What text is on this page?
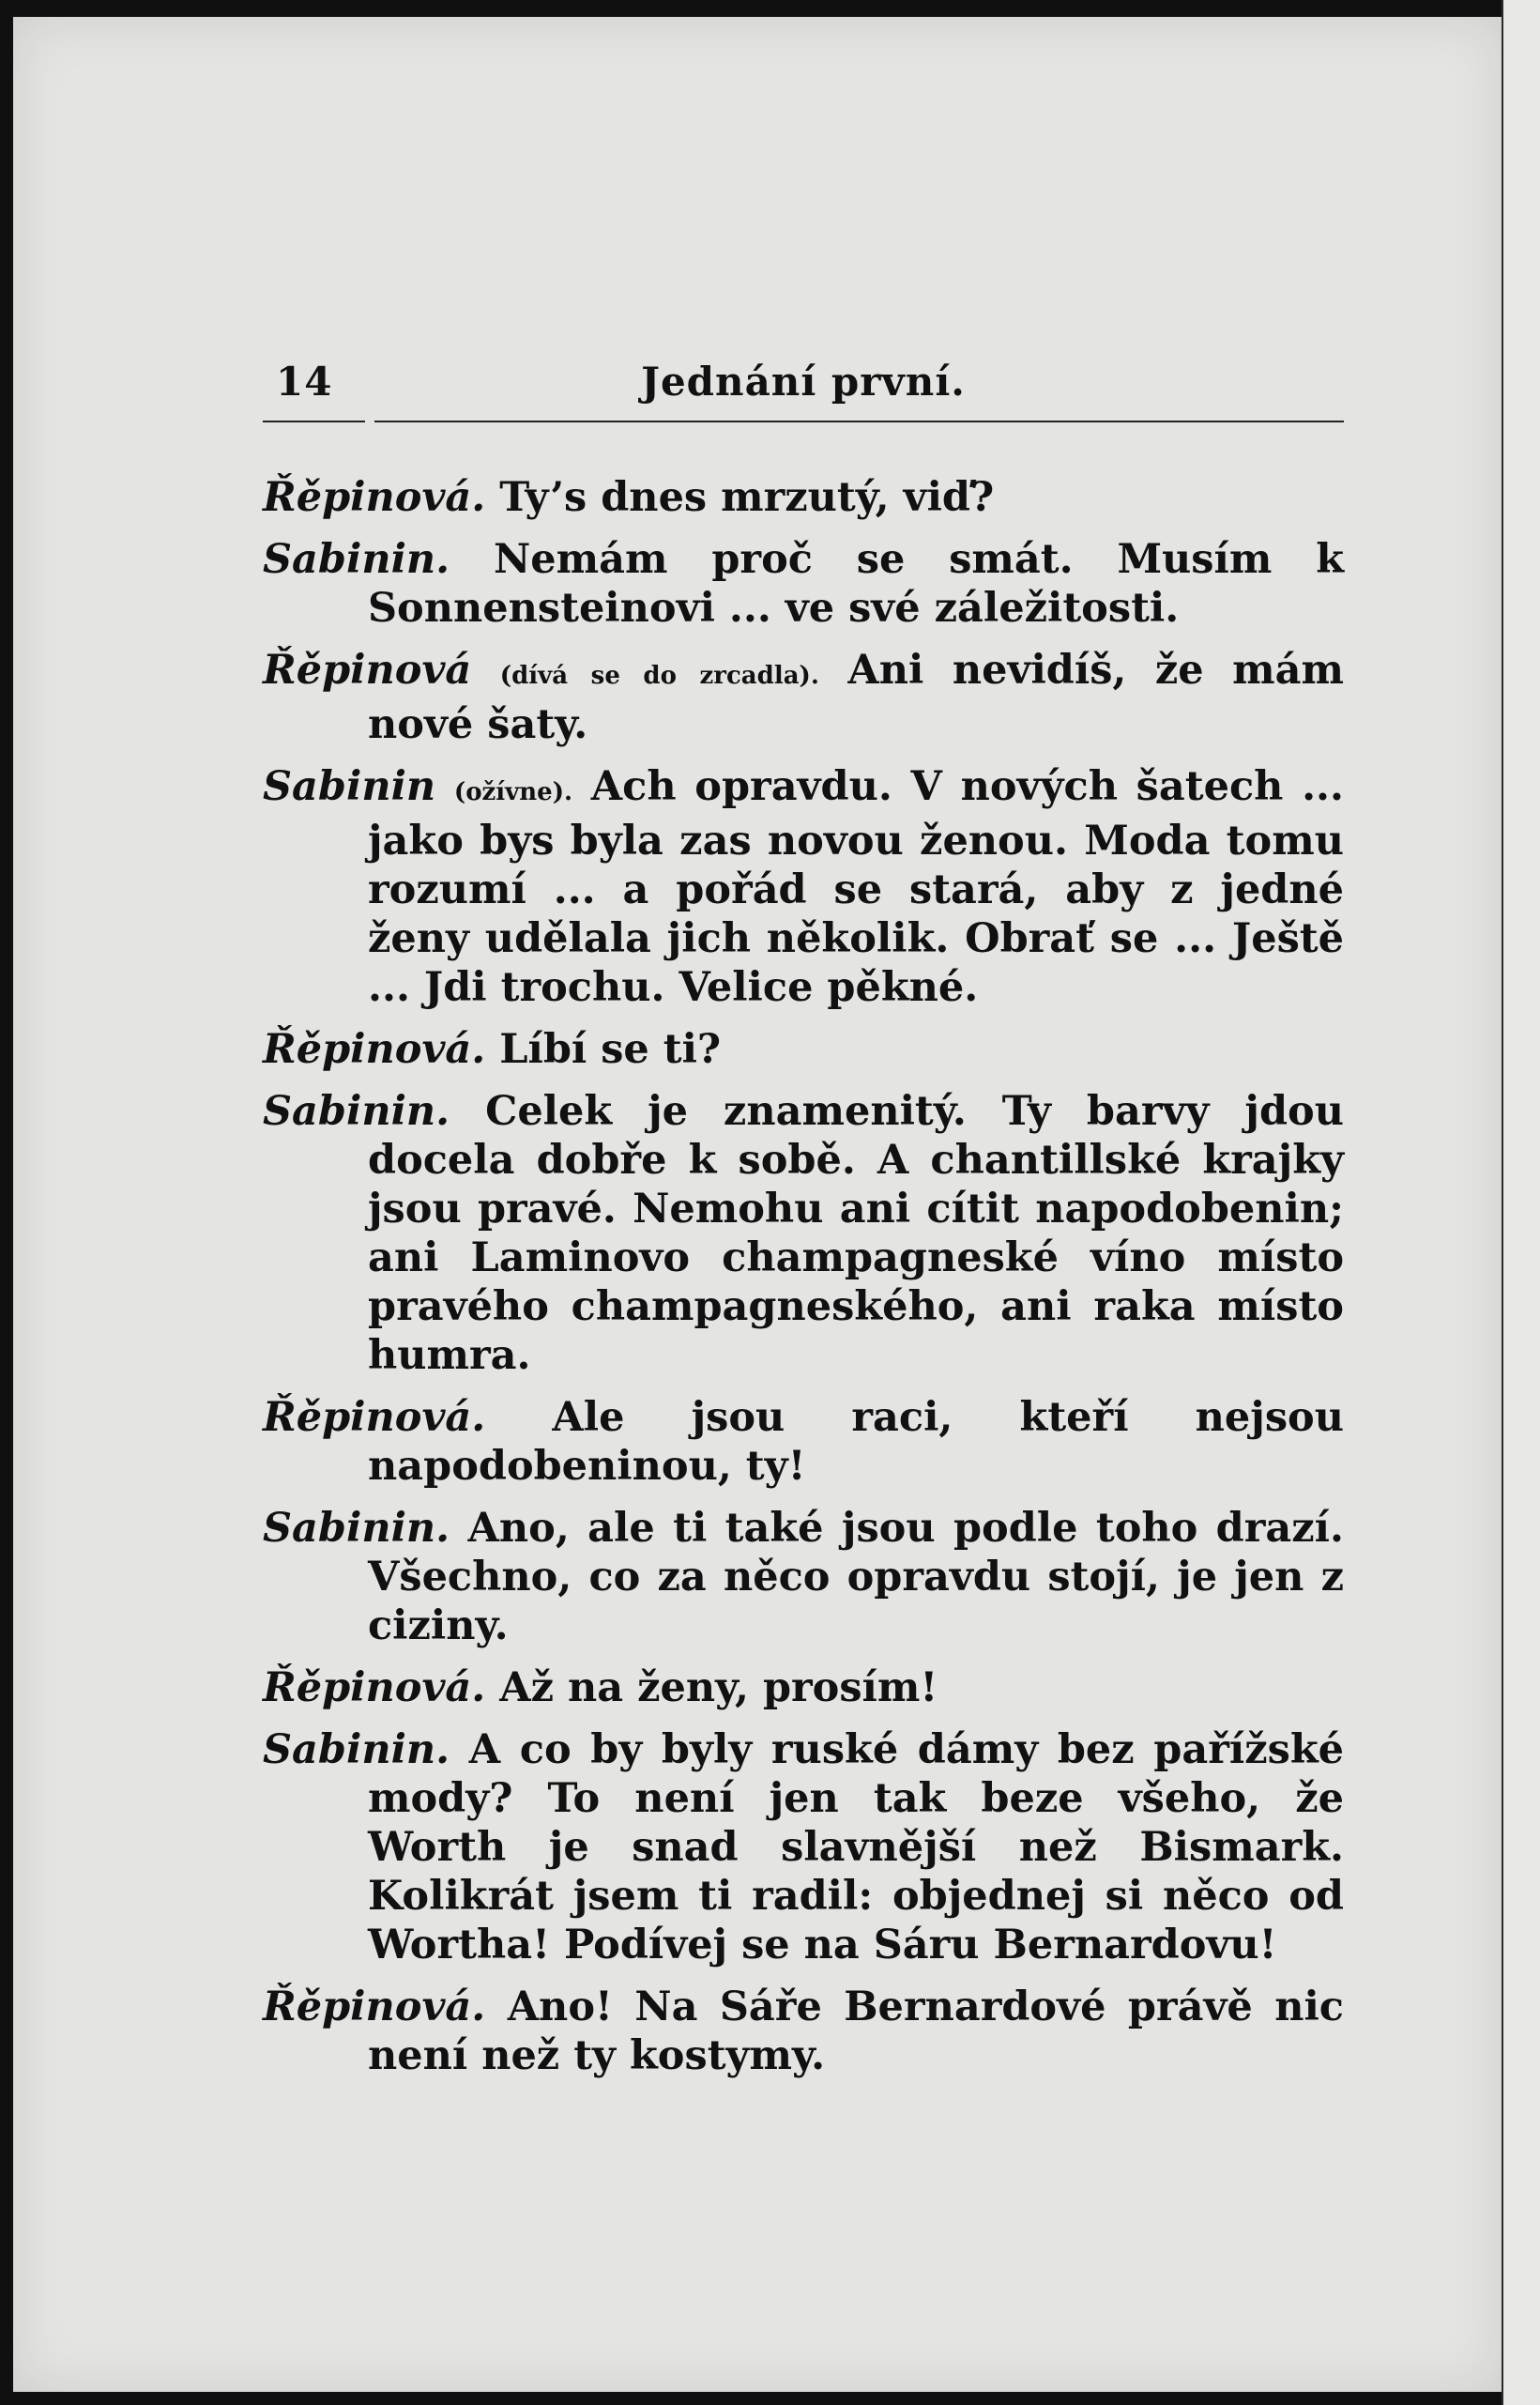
14	Jednání první.

Řěpinová. Ty’s dnes mrzutý, viď?

Sabinin. Nemám proč se smát. Musím k Sonnensteinovi ... ve své záležitosti.

Řěpinová (dívá se do zrcadla). Ani nevidíš, že mám nové šaty.

Sabinin (ožívne). Ach opravdu. V nových šatech ... jako bys byla zas novou ženou. Moda tomu rozumí ... a pořád se stará, aby z jedné ženy udělala jich několik. Obrať se ... Ještě ... Jdi trochu. Velice pěkné.

Řěpinová. Líbí se ti?

Sabinin. Celek je znamenitý. Ty barvy jdou docela dobře k sobě. A chantillské krajky jsou pravé. Nemohu ani cítit napodobenin; ani Laminovo champagneské víno místo pravého champagneského, ani raka místo humra.

Řěpinová. Ale jsou raci, kteří nejsou napodobeninou, ty!

Sabinin. Ano, ale ti také jsou podle toho drazí. Všechno, co za něco opravdu stojí, je jen z ciziny.

Řěpinová. Až na ženy, prosím!

Sabinin. A co by byly ruské dámy bez pařížské mody? To není jen tak beze všeho, že Worth je snad slavnější než Bismark. Kolikrát jsem ti radil: objednej si něco od Wortha! Podívej se na Sáru Bernardovu!

Řěpinová. Ano! Na Sáře Bernardové právě nic není než ty kostymy.
